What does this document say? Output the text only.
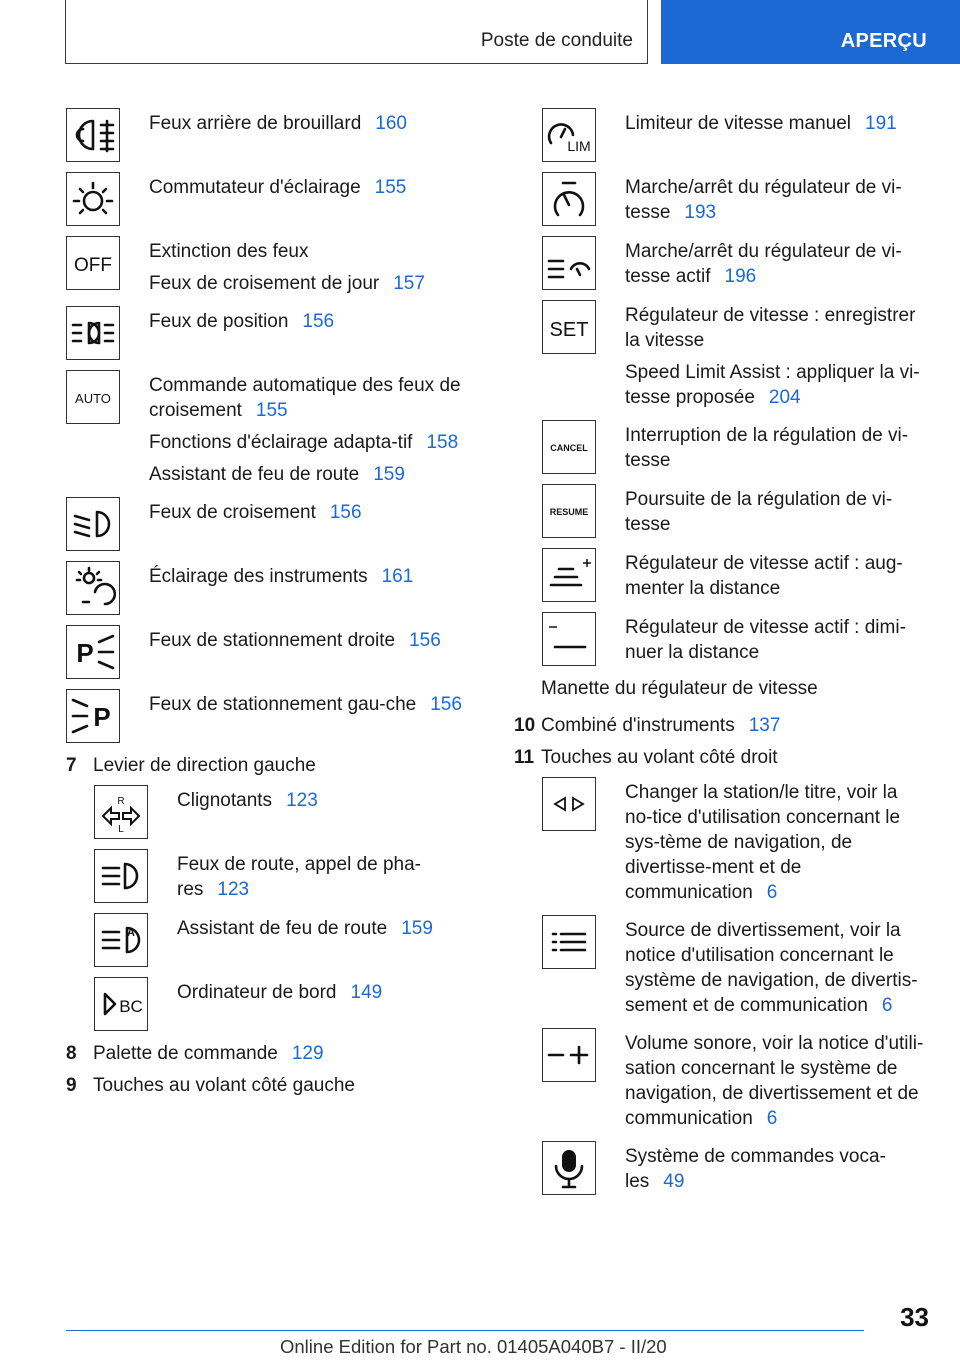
Poste de conduite	APERÇU
Feux arrière de brouillard 160
Commutateur d'éclairage 155
OFF
Extinction des feux
Feux de croisement de jour 157
Feux de position 156
AUTO
Commande automatique des feux de croisement 155
Fonctions d'éclairage adapta-tif 158
Assistant de feu de route 159
Feux de croisement 156
Éclairage des instruments 161
P	Feux de stationnement droite 156
P Feux de stationnement gau-che 156
7 Levier de direction gauche
R
L
Clignotants 123
Feux de route, appel de pha-res 123
A Assistant de feu de route 159
BC
Ordinateur de bord 149
8 Palette de commande 129
9 Touches au volant côté gauche
LIM
Limiteur de vitesse manuel 191
Marche/arrêt du régulateur de vi-tesse 193
Marche/arrêt du régulateur de vi-tesse actif 196
SET
Régulateur de vitesse : enregistrer la vitesse
Speed Limit Assist : appliquer la vi-tesse proposée 204
CANCEL
Interruption de la régulation de vi-tesse
RESUME
Poursuite de la régulation de vi-tesse
Régulateur de vitesse actif : aug-menter la distance
Régulateur de vitesse actif : dimi-nuer la distance
Manette du régulateur de vitesse
10 Combiné d'instruments 137
11 Touches au volant côté droit
Changer la station/le titre, voir la no-tice d'utilisation concernant le sys-tème de navigation, de divertisse-ment et de communication 6
Source de divertissement, voir la notice d'utilisation concernant le système de navigation, de divertis-sement et de communication 6
Volume sonore, voir la notice d'utili-sation concernant le système de navigation, de divertissement et de communication 6
Système de commandes voca-les 49
33
Online Edition for Part no. 01405A040B7 - II/20
